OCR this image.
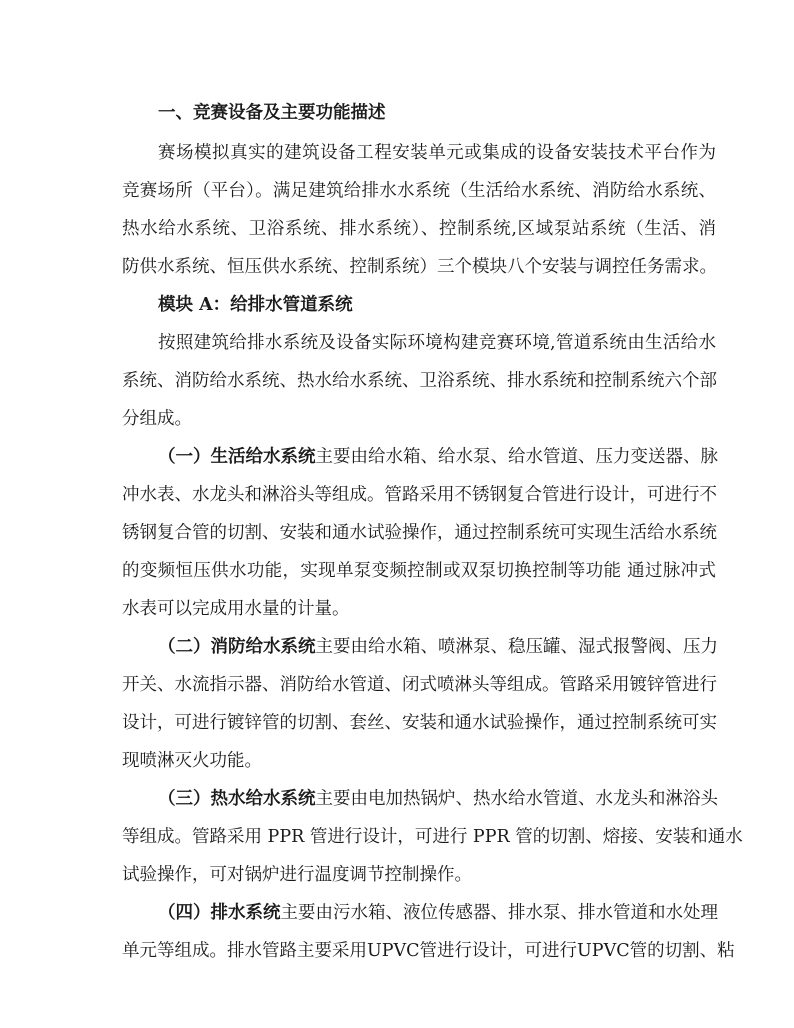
一、竞赛设备及主要功能描述
赛场模拟真实的建筑设备工程安装单元或集成的设备安装技术平台作为
竞赛场所（平台）。满足建筑给排水水系统（生活给水系统、消防给水系统、
热水给水系统、卫浴系统、排水系统）、控制系统,区域泵站系统（生活、消
防供水系统、恒压供水系统、控制系统）三个模块八个安装与调控任务需求。
模块 A：给排水管道系统
按照建筑给排水系统及设备实际环境构建竞赛环境,管道系统由生活给水
系统、消防给水系统、热水给水系统、卫浴系统、排水系统和控制系统六个部
分组成。
（一）生活给水系统主要由给水箱、给水泵、给水管道、压力变送器、脉
冲水表、水龙头和淋浴头等组成。管路采用不锈钢复合管进行设计，可进行不
锈钢复合管的切割、安装和通水试验操作，通过控制系统可实现生活给水系统
的变频恒压供水功能，实现单泵变频控制或双泵切换控制等功能 通过脉冲式
水表可以完成用水量的计量。
（二）消防给水系统主要由给水箱、喷淋泵、稳压罐、湿式报警阀、压力
开关、水流指示器、消防给水管道、闭式喷淋头等组成。管路采用镀锌管进行
设计，可进行镀锌管的切割、套丝、安装和通水试验操作，通过控制系统可实
现喷淋灭火功能。
（三）热水给水系统主要由电加热锅炉、热水给水管道、水龙头和淋浴头
等组成。管路采用 PPR 管进行设计，可进行 PPR 管的切割、熔接、安装和通水
试验操作，可对锅炉进行温度调节控制操作。
（四）排水系统主要由污水箱、液位传感器、排水泵、排水管道和水处理
单元等组成。排水管路主要采用UPVC管进行设计，可进行UPVC管的切割、粘
